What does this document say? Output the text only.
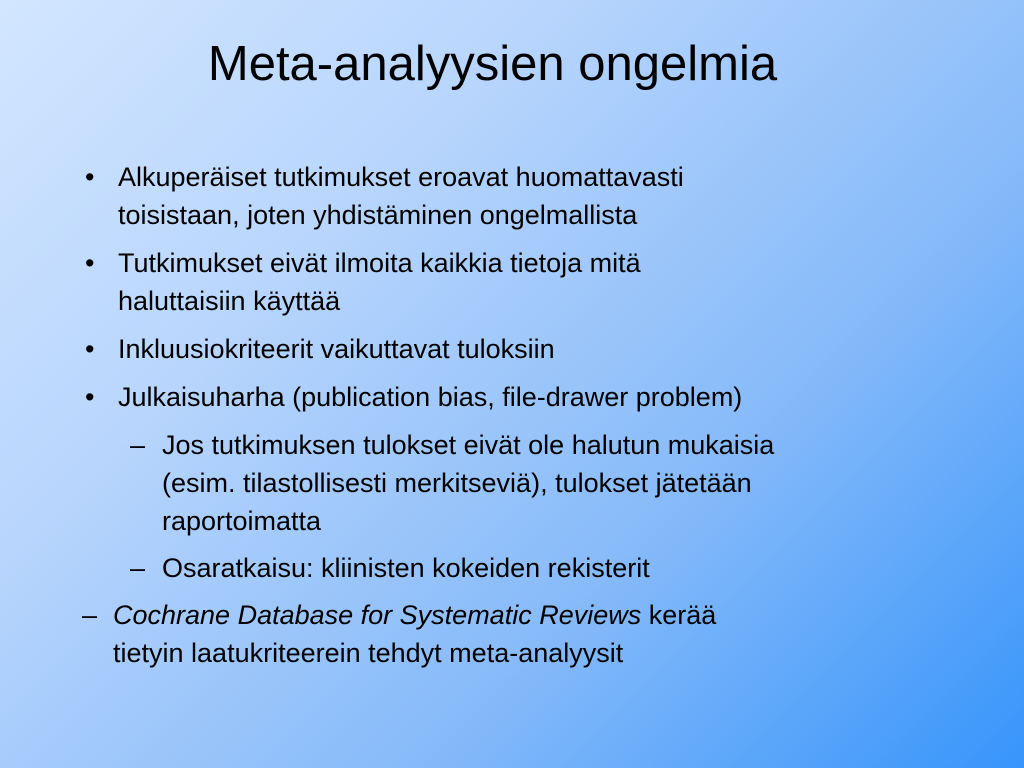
Meta-analyysien ongelmia
• Alkuperäiset tutkimukset eroavat huomattavasti
toisistaan, joten yhdistäminen ongelmallista
• Tutkimukset eivät ilmoita kaikkia tietoja mitä
haluttaisiin käyttää
• Inkluusiokriteerit vaikuttavat tuloksiin
• Julkaisuharha (publication bias, file-drawer problem)
– Jos tutkimuksen tulokset eivät ole halutun mukaisia
(esim. tilastollisesti merkitseviä), tulokset jätetään
raportoimatta
– Osaratkaisu: kliinisten kokeiden rekisterit
– Cochrane Database for Systematic Reviews kerää
tietyin laatukriteerein tehdyt meta-analyysit
